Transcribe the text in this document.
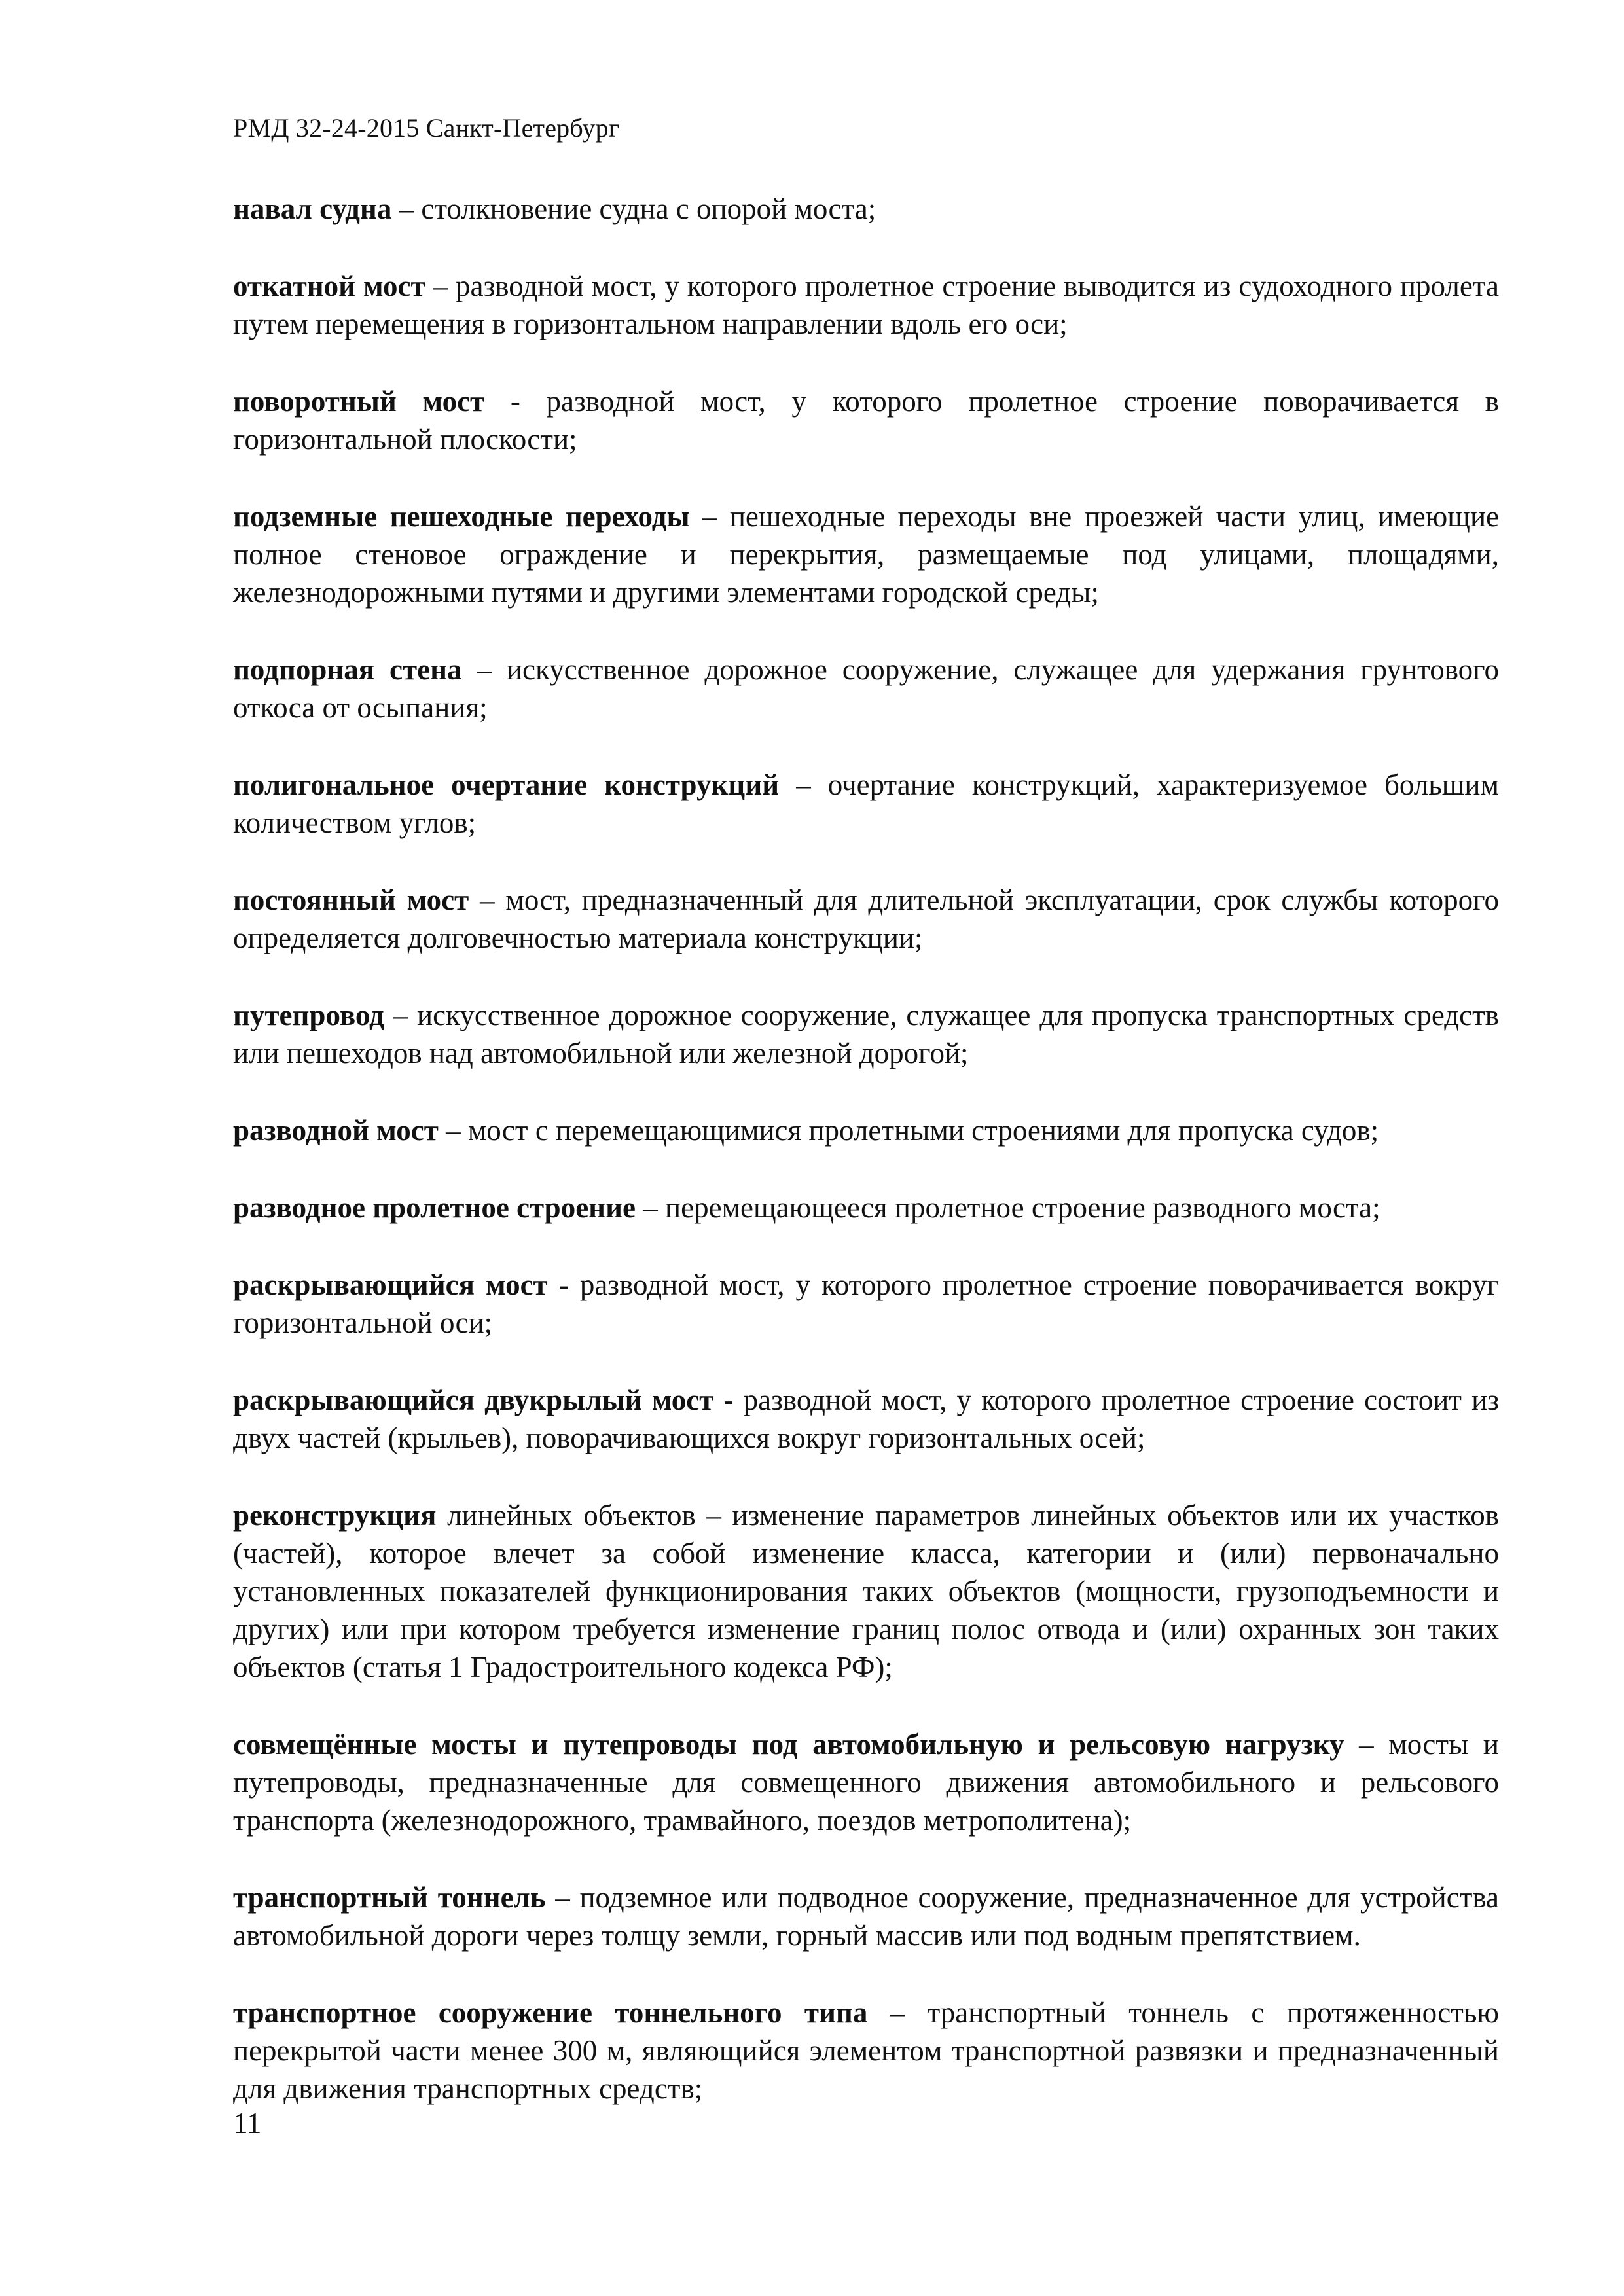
РМД 32-24-2015 Санкт-Петербург

навал судна – столкновение судна с опорой моста;

откатной мост – разводной мост, у которого пролетное строение выводится из судоходного пролета путем перемещения в горизонтальном направлении вдоль его оси;

поворотный мост - разводной мост, у которого пролетное строение поворачивается в горизонтальной плоскости;

подземные пешеходные переходы – пешеходные переходы вне проезжей части улиц, имеющие полное стеновое ограждение и перекрытия, размещаемые под улицами, площадями, железнодорожными путями и другими элементами городской среды;

подпорная стена – искусственное дорожное сооружение, служащее для удержания грунтового откоса от осыпания;

полигональное очертание конструкций – очертание конструкций, характеризуемое большим количеством углов;

постоянный мост – мост, предназначенный для длительной эксплуатации, срок службы которого определяется долговечностью материала конструкции;

путепровод – искусственное дорожное сооружение, служащее для пропуска транспортных средств или пешеходов над автомобильной или железной дорогой;

разводной мост – мост с перемещающимися пролетными строениями для пропуска судов;

разводное пролетное строение – перемещающееся пролетное строение разводного моста;

раскрывающийся мост - разводной мост, у которого пролетное строение поворачивается вокруг горизонтальной оси;

раскрывающийся двукрылый мост - разводной мост, у которого пролетное строение состоит из двух частей (крыльев), поворачивающихся вокруг горизонтальных осей;

реконструкция линейных объектов – изменение параметров линейных объектов или их участков (частей), которое влечет за собой изменение класса, категории и (или) первоначально установленных показателей функционирования таких объектов (мощности, грузоподъемности и других) или при котором требуется изменение границ полос отвода и (или) охранных зон таких объектов (статья 1 Градостроительного кодекса РФ);

совмещённые мосты и путепроводы под автомобильную и рельсовую нагрузку – мосты и путепроводы, предназначенные для совмещенного движения автомобильного и рельсового транспорта (железнодорожного, трамвайного, поездов метрополитена);

транспортный тоннель – подземное или подводное сооружение, предназначенное для устройства автомобильной дороги через толщу земли, горный массив или под водным препятствием.

транспортное сооружение тоннельного типа – транспортный тоннель с протяженностью перекрытой части менее 300 м, являющийся элементом транспортной развязки и предназначенный для движения транспортных средств;

11
